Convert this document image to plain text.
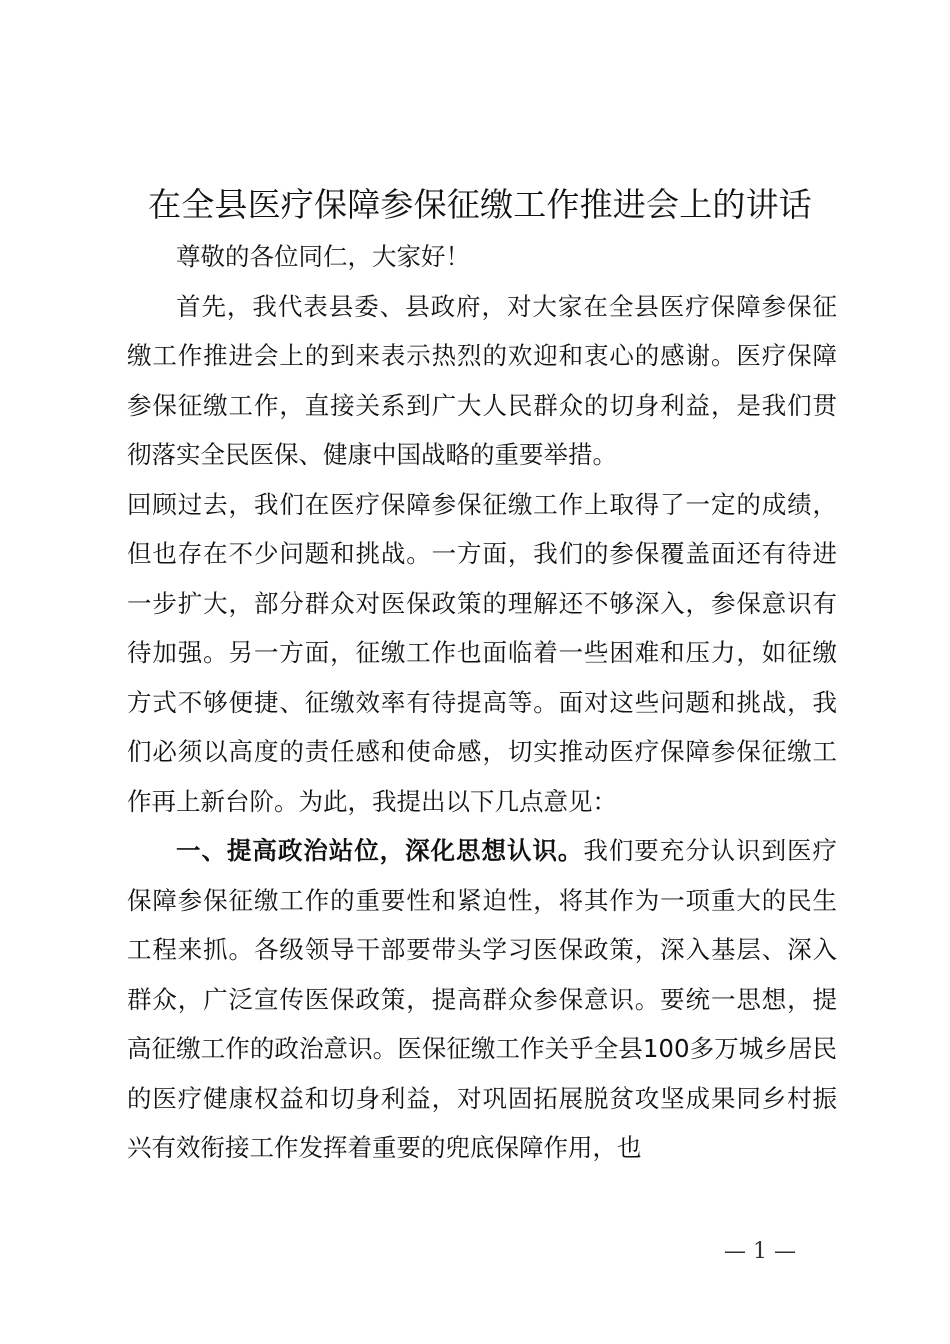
在全县医疗保障参保征缴工作推进会上的讲话

尊敬的各位同仁，大家好！

首先，我代表县委、县政府，对大家在全县医疗保障参保征缴工作推进会上的到来表示热烈的欢迎和衷心的感谢。医疗保障参保征缴工作，直接关系到广大人民群众的切身利益，是我们贯彻落实全民医保、健康中国战略的重要举措。

回顾过去，我们在医疗保障参保征缴工作上取得了一定的成绩，但也存在不少问题和挑战。一方面，我们的参保覆盖面还有待进一步扩大，部分群众对医保政策的理解还不够深入，参保意识有待加强。另一方面，征缴工作也面临着一些困难和压力，如征缴方式不够便捷、征缴效率有待提高等。面对这些问题和挑战，我们必须以高度的责任感和使命感，切实推动医疗保障参保征缴工作再上新台阶。为此，我提出以下几点意见：

一、提高政治站位，深化思想认识。我们要充分认识到医疗保障参保征缴工作的重要性和紧迫性，将其作为一项重大的民生工程来抓。各级领导干部要带头学习医保政策，深入基层、深入群众，广泛宣传医保政策，提高群众参保意识。要统一思想，提高征缴工作的政治意识。医保征缴工作关乎全县100多万城乡居民的医疗健康权益和切身利益，对巩固拓展脱贫攻坚成果同乡村振兴有效衔接工作发挥着重要的兜底保障作用，也

— 1 —
